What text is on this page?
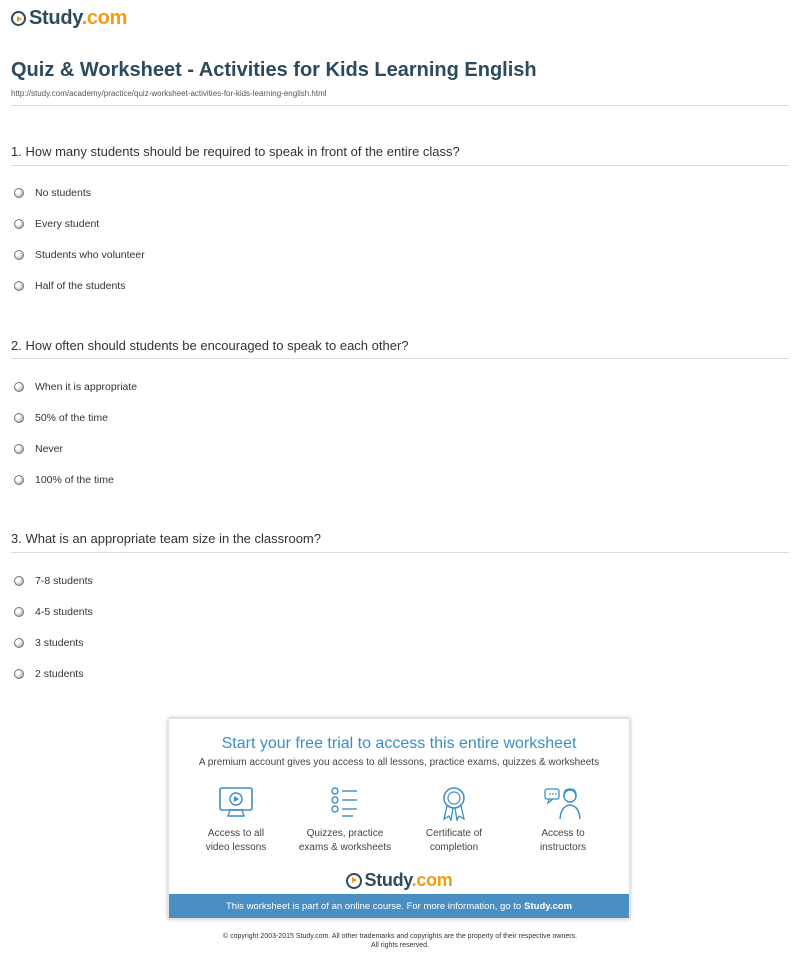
Study.com
Quiz & Worksheet - Activities for Kids Learning English
http://study.com/academy/practice/quiz-worksheet-activities-for-kids-learning-english.html
1. How many students should be required to speak in front of the entire class?
No students
Every student
Students who volunteer
Half of the students
2. How often should students be encouraged to speak to each other?
When it is appropriate
50% of the time
Never
100% of the time
3. What is an appropriate team size in the classroom?
7-8 students
4-5 students
3 students
2 students
Start your free trial to access this entire worksheet
A premium account gives you access to all lessons, practice exams, quizzes & worksheets
Access to all
video lessons
Quizzes, practice
exams & worksheets
Certificate of
completion
Access to
instructors
Study.com
This worksheet is part of an online course. For more information, go to Study.com
© copyright 2003-2015 Study.com. All other trademarks and copyrights are the property of their respective owners.
All rights reserved.
